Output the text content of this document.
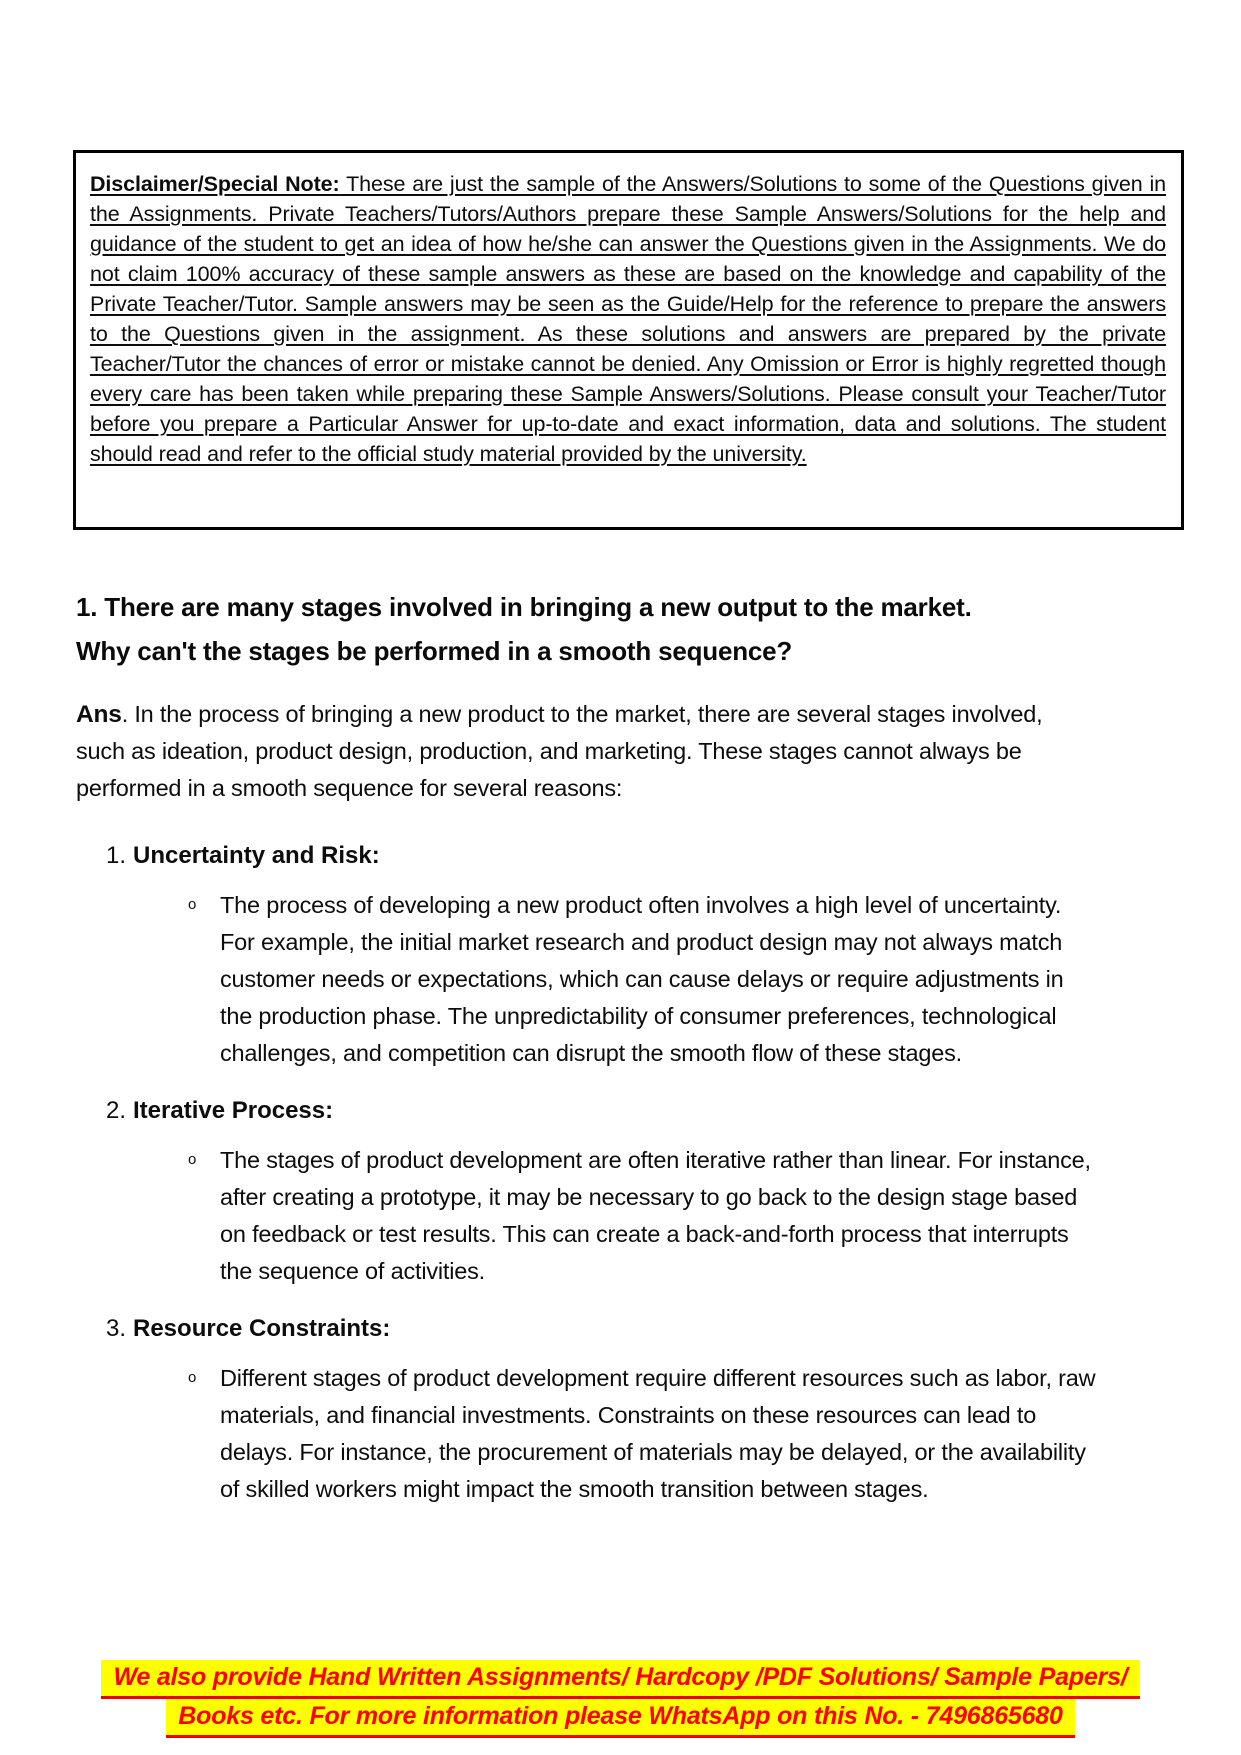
Disclaimer/Special Note: These are just the sample of the Answers/Solutions to some of the Questions given in the Assignments. Private Teachers/Tutors/Authors prepare these Sample Answers/Solutions for the help and guidance of the student to get an idea of how he/she can answer the Questions given in the Assignments. We do not claim 100% accuracy of these sample answers as these are based on the knowledge and capability of the Private Teacher/Tutor. Sample answers may be seen as the Guide/Help for the reference to prepare the answers to the Questions given in the assignment. As these solutions and answers are prepared by the private Teacher/Tutor the chances of error or mistake cannot be denied. Any Omission or Error is highly regretted though every care has been taken while preparing these Sample Answers/Solutions. Please consult your Teacher/Tutor before you prepare a Particular Answer for up-to-date and exact information, data and solutions. The student should read and refer to the official study material provided by the university.

1. There are many stages involved in bringing a new output to the market.
Why can't the stages be performed in a smooth sequence?
Ans. In the process of bringing a new product to the market, there are several stages involved, such as ideation, product design, production, and marketing. These stages cannot always be performed in a smooth sequence for several reasons:
1. Uncertainty and Risk:
o The process of developing a new product often involves a high level of uncertainty. For example, the initial market research and product design may not always match customer needs or expectations, which can cause delays or require adjustments in the production phase. The unpredictability of consumer preferences, technological challenges, and competition can disrupt the smooth flow of these stages.
2. Iterative Process:
o The stages of product development are often iterative rather than linear. For instance, after creating a prototype, it may be necessary to go back to the design stage based on feedback or test results. This can create a back-and-forth process that interrupts the sequence of activities.
3. Resource Constraints:
o Different stages of product development require different resources such as labor, raw materials, and financial investments. Constraints on these resources can lead to delays. For instance, the procurement of materials may be delayed, or the availability of skilled workers might impact the smooth transition between stages.
We also provide Hand Written Assignments/ Hardcopy /PDF Solutions/ Sample Papers/
Books etc. For more information please WhatsApp on this No. - 7496865680
